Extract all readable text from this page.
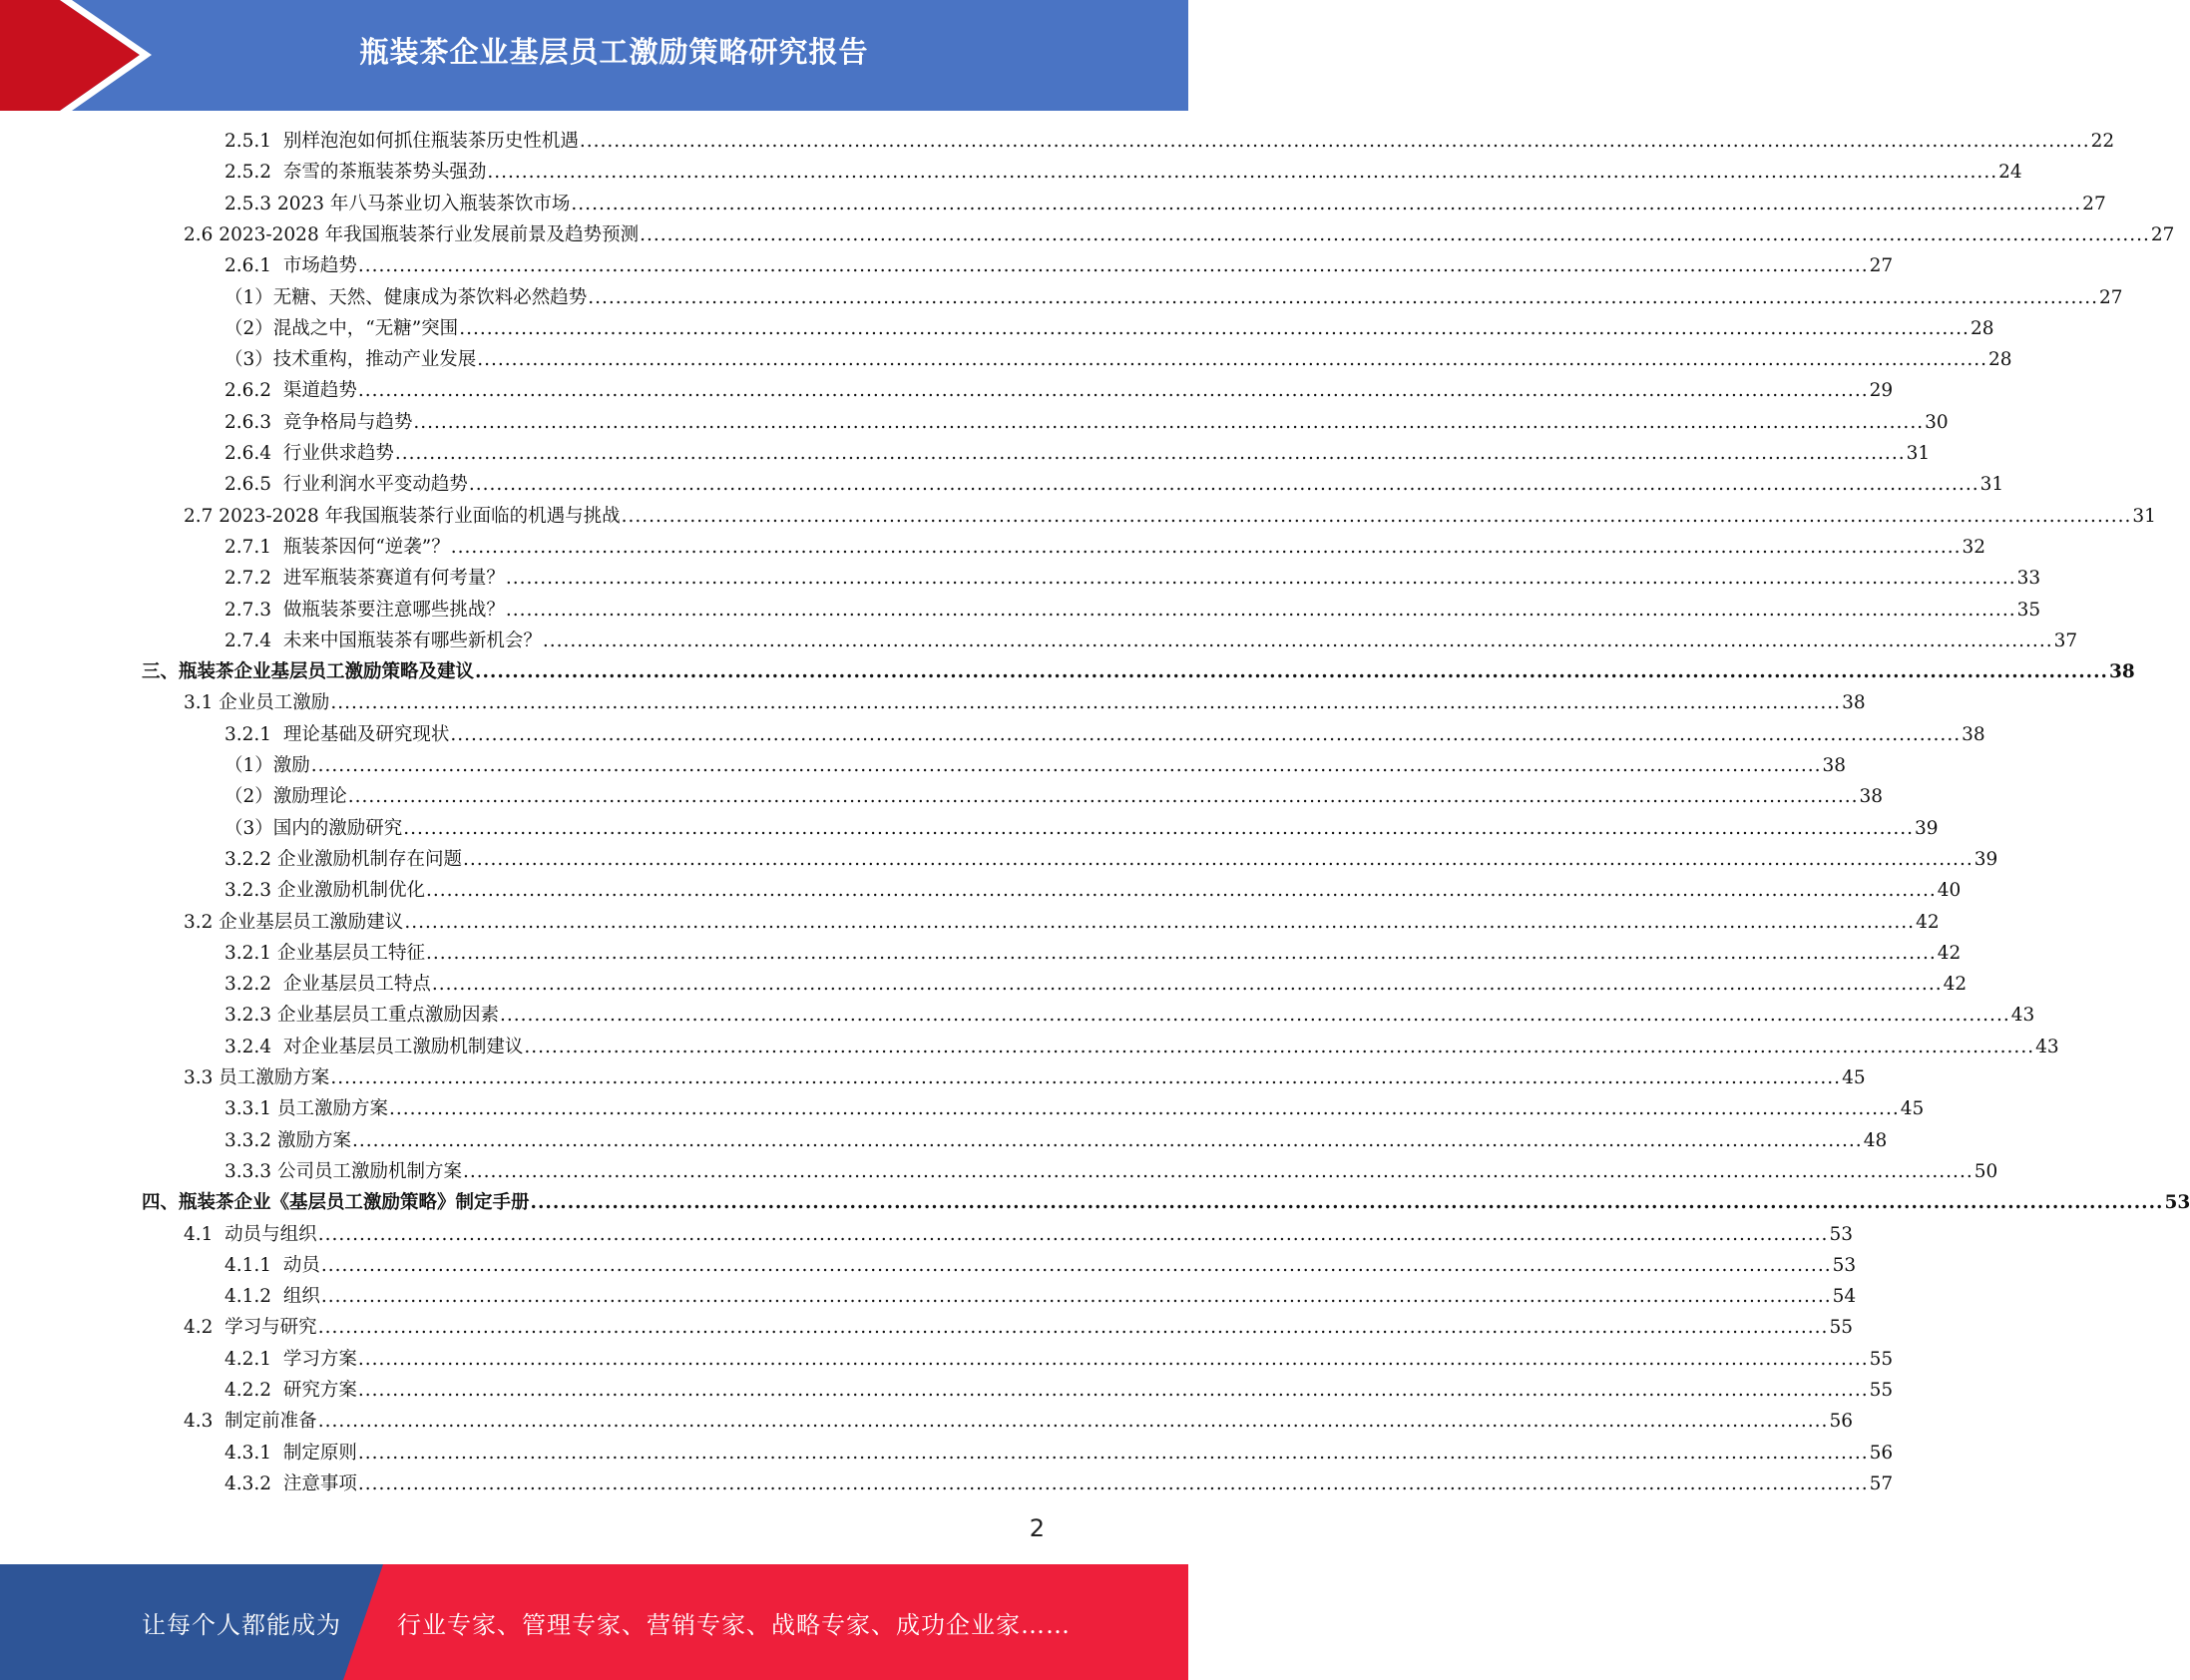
瓶装茶企业基层员工激励策略研究报告
2.5.1  别样泡泡如何抓住瓶装茶历史性机遇 ............................................................................................................................................................................................................................ 22
2.5.2  奈雪的茶瓶装茶势头强劲 ............................................................................................................................................................................................................................ 24
2.5.3 2023 年八马茶业切入瓶装茶饮市场 ............................................................................................................................................................................................................................ 27
2.6 2023-2028 年我国瓶装茶行业发展前景及趋势预测 ............................................................................................................................................................................................................................ 27
2.6.1  市场趋势 ............................................................................................................................................................................................................................ 27
（1）无糖、天然、健康成为茶饮料必然趋势 ............................................................................................................................................................................................................................ 27
（2）混战之中，“无糖”突围 ............................................................................................................................................................................................................................ 28
（3）技术重构，推动产业发展 ............................................................................................................................................................................................................................ 28
2.6.2  渠道趋势 ............................................................................................................................................................................................................................ 29
2.6.3  竞争格局与趋势 ............................................................................................................................................................................................................................ 30
2.6.4  行业供求趋势 ............................................................................................................................................................................................................................ 31
2.6.5  行业利润水平变动趋势 ............................................................................................................................................................................................................................ 31
2.7 2023-2028 年我国瓶装茶行业面临的机遇与挑战 ............................................................................................................................................................................................................................ 31
2.7.1  瓶装茶因何“逆袭”？ ............................................................................................................................................................................................................................ 32
2.7.2  进军瓶装茶赛道有何考量？ ............................................................................................................................................................................................................................ 33
2.7.3  做瓶装茶要注意哪些挑战？ ............................................................................................................................................................................................................................ 35
2.7.4  未来中国瓶装茶有哪些新机会？ ............................................................................................................................................................................................................................ 37
三、瓶装茶企业基层员工激励策略及建议 ............................................................................................................................................................................................................................ 38
3.1 企业员工激励 ............................................................................................................................................................................................................................ 38
3.2.1  理论基础及研究现状 ............................................................................................................................................................................................................................ 38
（1）激励 ............................................................................................................................................................................................................................ 38
（2）激励理论 ............................................................................................................................................................................................................................ 38
（3）国内的激励研究 ............................................................................................................................................................................................................................ 39
3.2.2 企业激励机制存在问题 ............................................................................................................................................................................................................................ 39
3.2.3 企业激励机制优化 ............................................................................................................................................................................................................................ 40
3.2 企业基层员工激励建议 ............................................................................................................................................................................................................................ 42
3.2.1 企业基层员工特征 ............................................................................................................................................................................................................................ 42
3.2.2  企业基层员工特点 ............................................................................................................................................................................................................................ 42
3.2.3 企业基层员工重点激励因素 ............................................................................................................................................................................................................................ 43
3.2.4  对企业基层员工激励机制建议 ............................................................................................................................................................................................................................ 43
3.3 员工激励方案 ............................................................................................................................................................................................................................ 45
3.3.1 员工激励方案 ............................................................................................................................................................................................................................ 45
3.3.2 激励方案 ............................................................................................................................................................................................................................ 48
3.3.3 公司员工激励机制方案 ............................................................................................................................................................................................................................ 50
四、瓶装茶企业《基层员工激励策略》制定手册 ............................................................................................................................................................................................................................ 53
4.1  动员与组织 ............................................................................................................................................................................................................................ 53
4.1.1  动员 ............................................................................................................................................................................................................................ 53
4.1.2  组织 ............................................................................................................................................................................................................................ 54
4.2  学习与研究 ............................................................................................................................................................................................................................ 55
4.2.1  学习方案 ............................................................................................................................................................................................................................ 55
4.2.2  研究方案 ............................................................................................................................................................................................................................ 55
4.3  制定前准备 ............................................................................................................................................................................................................................ 56
4.3.1  制定原则 ............................................................................................................................................................................................................................ 56
4.3.2  注意事项 ............................................................................................................................................................................................................................ 57
2
让每个人都能成为 行业专家、管理专家、营销专家、战略专家、成功企业家……
